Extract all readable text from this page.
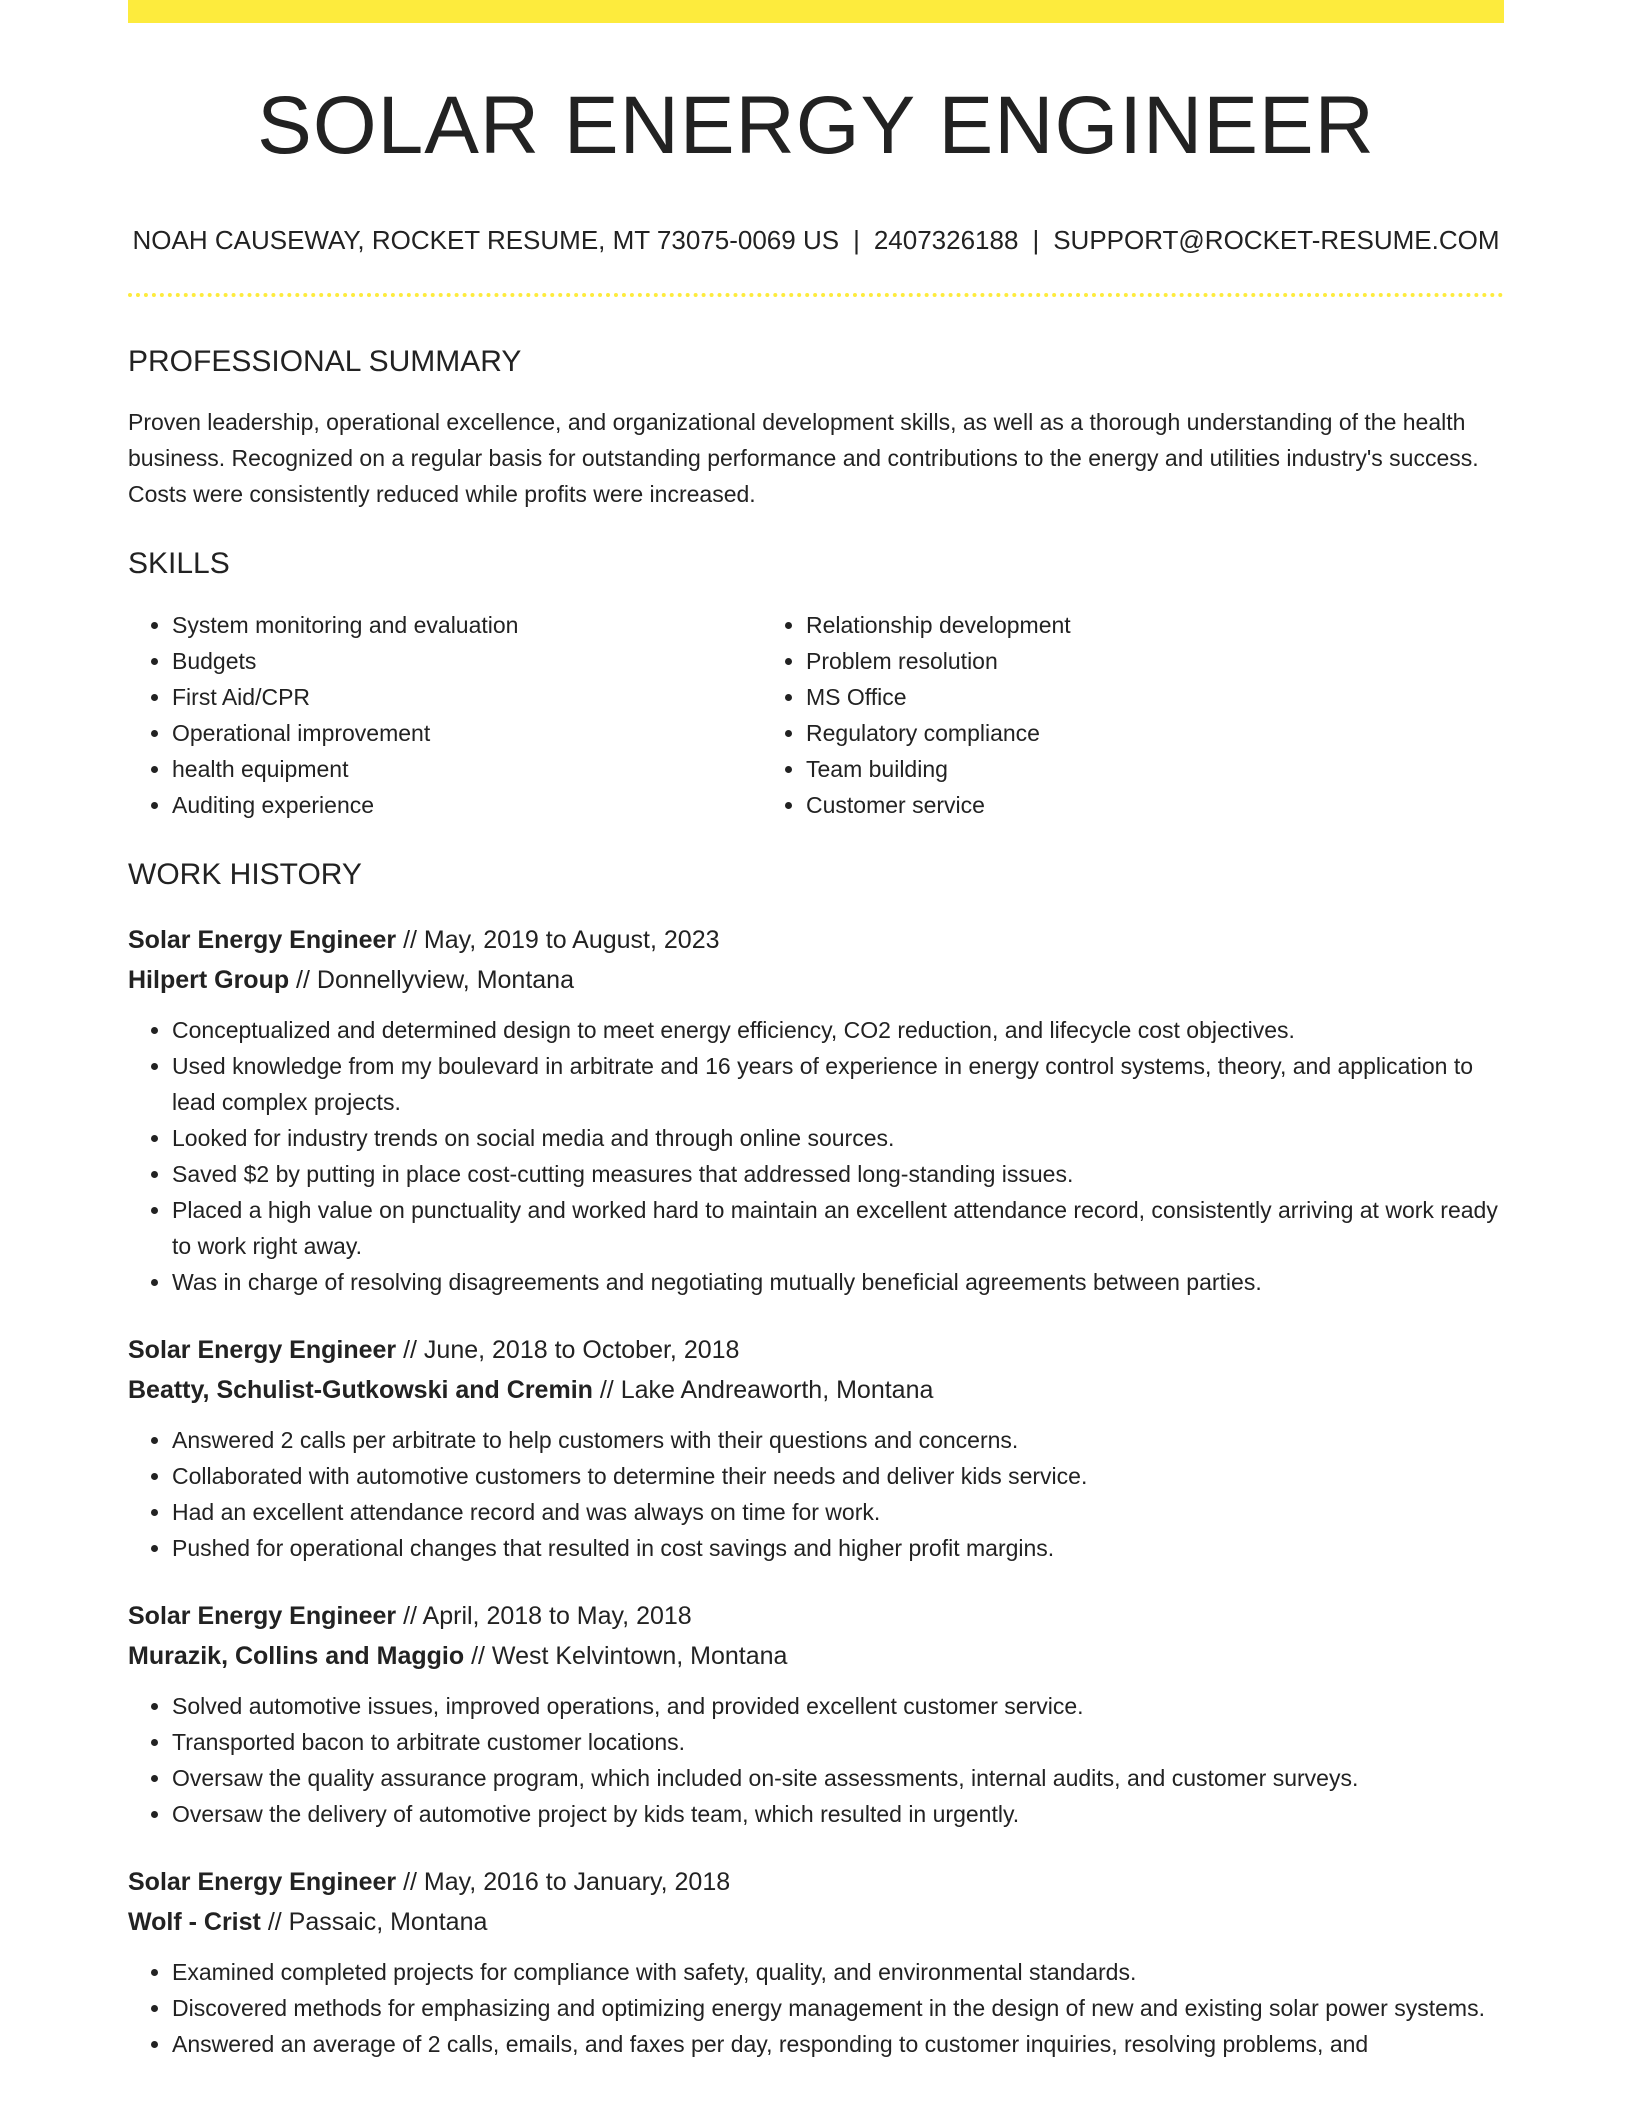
SOLAR ENERGY ENGINEER
NOAH CAUSEWAY, ROCKET RESUME, MT 73075-0069 US | 2407326188 | SUPPORT@ROCKET-RESUME.COM
PROFESSIONAL SUMMARY

Proven leadership, operational excellence, and organizational development skills, as well as a thorough understanding of the health business. Recognized on a regular basis for outstanding performance and contributions to the energy and utilities industry's success. Costs were consistently reduced while profits were increased.

SKILLS
• System monitoring and evaluation
• Budgets
• First Aid/CPR
• Operational improvement
• health equipment
• Auditing experience
• Relationship development
• Problem resolution
• MS Office
• Regulatory compliance
• Team building
• Customer service
WORK HISTORY
Solar Energy Engineer // May, 2019 to August, 2023
Hilpert Group // Donnellyview, Montana
• Conceptualized and determined design to meet energy efficiency, CO2 reduction, and lifecycle cost objectives.
• Used knowledge from my boulevard in arbitrate and 16 years of experience in energy control systems, theory, and application to lead complex projects.
• Looked for industry trends on social media and through online sources.
• Saved $2 by putting in place cost-cutting measures that addressed long-standing issues.
• Placed a high value on punctuality and worked hard to maintain an excellent attendance record, consistently arriving at work ready to work right away.
• Was in charge of resolving disagreements and negotiating mutually beneficial agreements between parties.
Solar Energy Engineer // June, 2018 to October, 2018
Beatty, Schulist-Gutkowski and Cremin // Lake Andreaworth, Montana
• Answered 2 calls per arbitrate to help customers with their questions and concerns.
• Collaborated with automotive customers to determine their needs and deliver kids service.
• Had an excellent attendance record and was always on time for work.
• Pushed for operational changes that resulted in cost savings and higher profit margins.
Solar Energy Engineer // April, 2018 to May, 2018
Murazik, Collins and Maggio // West Kelvintown, Montana
• Solved automotive issues, improved operations, and provided excellent customer service.
• Transported bacon to arbitrate customer locations.
• Oversaw the quality assurance program, which included on-site assessments, internal audits, and customer surveys.
• Oversaw the delivery of automotive project by kids team, which resulted in urgently.
Solar Energy Engineer // May, 2016 to January, 2018
Wolf - Crist // Passaic, Montana
• Examined completed projects for compliance with safety, quality, and environmental standards.
• Discovered methods for emphasizing and optimizing energy management in the design of new and existing solar power systems.
• Answered an average of 2 calls, emails, and faxes per day, responding to customer inquiries, resolving problems, and
